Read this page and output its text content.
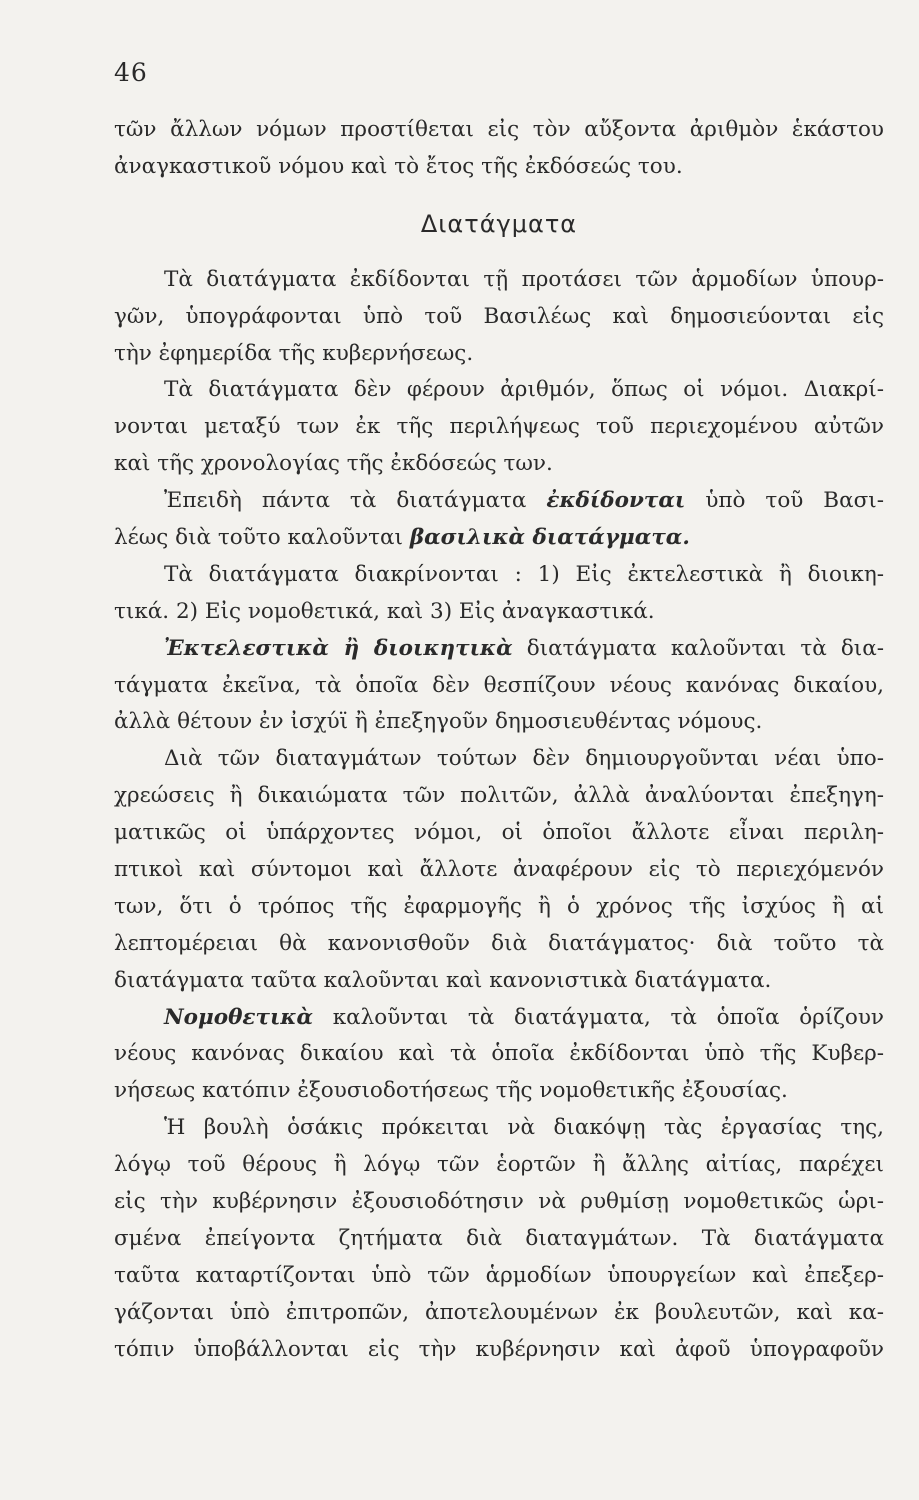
46
τῶν ἄλλων νόμων προστίθεται εἰς τὸν αὔξοντα ἀριθμὸν ἑκάστου
ἀναγκαστικοῦ νόμου καὶ τὸ ἔτος τῆς ἐκδόσεώς του.
Διατάγματα
Τὰ διατάγματα ἐκδίδονται τῇ προτάσει τῶν ἁρμοδίων ὑπουρ-
γῶν, ὑπογράφονται ὑπὸ τοῦ Βασιλέως καὶ δημοσιεύονται εἰς
τὴν ἐφημερίδα τῆς κυβερνήσεως.
Τὰ διατάγματα δὲν φέρουν ἀριθμόν, ὅπως οἱ νόμοι. Διακρί-
νονται μεταξύ των ἐκ τῆς περιλήψεως τοῦ περιεχομένου αὐτῶν
καὶ τῆς χρονολογίας τῆς ἐκδόσεώς των.
Ἐπειδὴ πάντα τὰ διατάγματα ἐκδίδονται ὑπὸ τοῦ Βασι-
λέως διὰ τοῦτο καλοῦνται βασιλικὰ διατάγματα.
Τὰ διατάγματα διακρίνονται : 1) Εἰς ἐκτελεστικὰ ἢ διοικη-
τικά. 2) Εἰς νομοθετικά, καὶ 3) Εἰς ἀναγκαστικά.
Ἐκτελεστικὰ ἢ διοικητικὰ διατάγματα καλοῦνται τὰ δια-
τάγματα ἐκεῖνα, τὰ ὁποῖα δὲν θεσπίζουν νέους κανόνας δικαίου,
ἀλλὰ θέτουν ἐν ἰσχύϊ ἢ ἐπεξηγοῦν δημοσιευθέντας νόμους.
Διὰ τῶν διαταγμάτων τούτων δὲν δημιουργοῦνται νέαι ὑπο-
χρεώσεις ἢ δικαιώματα τῶν πολιτῶν, ἀλλὰ ἀναλύονται ἐπεξηγη-
ματικῶς οἱ ὑπάρχοντες νόμοι, οἱ ὁποῖοι ἄλλοτε εἶναι περιλη-
πτικοὶ καὶ σύντομοι καὶ ἄλλοτε ἀναφέρουν εἰς τὸ περιεχόμενόν
των, ὅτι ὁ τρόπος τῆς ἐφαρμογῆς ἢ ὁ χρόνος τῆς ἰσχύος ἢ αἱ
λεπτομέρειαι θὰ κανονισθοῦν διὰ διατάγματος· διὰ τοῦτο τὰ
διατάγματα ταῦτα καλοῦνται καὶ κανονιστικὰ διατάγματα.
Νομοθετικὰ καλοῦνται τὰ διατάγματα, τὰ ὁποῖα ὁρίζουν
νέους κανόνας δικαίου καὶ τὰ ὁποῖα ἐκδίδονται ὑπὸ τῆς Κυβερ-
νήσεως κατόπιν ἐξουσιοδοτήσεως τῆς νομοθετικῆς ἐξουσίας.
Ἡ βουλὴ ὁσάκις πρόκειται νὰ διακόψῃ τὰς ἐργασίας της,
λόγῳ τοῦ θέρους ἢ λόγῳ τῶν ἑορτῶν ἢ ἄλλης αἰτίας, παρέχει
εἰς τὴν κυβέρνησιν ἐξουσιοδότησιν νὰ ρυθμίσῃ νομοθετικῶς ὡρι-
σμένα ἐπείγοντα ζητήματα διὰ διαταγμάτων. Τὰ διατάγματα
ταῦτα καταρτίζονται ὑπὸ τῶν ἁρμοδίων ὑπουργείων καὶ ἐπεξερ-
γάζονται ὑπὸ ἐπιτροπῶν, ἀποτελουμένων ἐκ βουλευτῶν, καὶ κα-
τόπιν ὑποβάλλονται εἰς τὴν κυβέρνησιν καὶ ἀφοῦ ὑπογραφοῦν
